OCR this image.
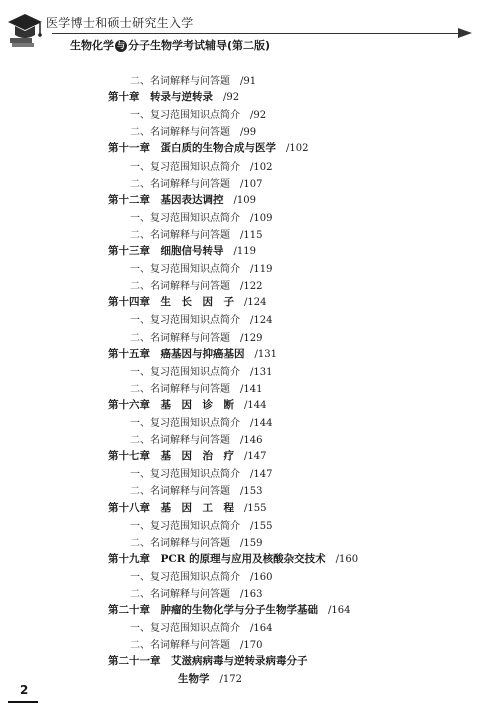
医学博士和硕士研究生入学
生物化学 与 分子生物学考试辅导(第二版)
二、名词解释与问答题 /91
第十章　转录与逆转录 /92
一、复习范围知识点简介 /92
二、名词解释与问答题 /99
第十一章　蛋白质的生物合成与医学 /102
一、复习范围知识点简介 /102
二、名词解释与问答题 /107
第十二章　基因表达调控 /109
一、复习范围知识点简介 /109
二、名词解释与问答题 /115
第十三章　细胞信号转导 /119
一、复习范围知识点简介 /119
二、名词解释与问答题 /122
第十四章　生　长　因　子 /124
一、复习范围知识点简介 /124
二、名词解释与问答题 /129
第十五章　癌基因与抑癌基因 /131
一、复习范围知识点简介 /131
二、名词解释与问答题 /141
第十六章　基　因　诊　断 /144
一、复习范围知识点简介 /144
二、名词解释与问答题 /146
第十七章　基　因　治　疗 /147
一、复习范围知识点简介 /147
二、名词解释与问答题 /153
第十八章　基　因　工　程 /155
一、复习范围知识点简介 /155
二、名词解释与问答题 /159
第十九章　PCR 的原理与应用及核酸杂交技术 /160
一、复习范围知识点简介 /160
二、名词解释与问答题 /163
第二十章　肿瘤的生物化学与分子生物学基础 /164
一、复习范围知识点简介 /164
二、名词解释与问答题 /170
第二十一章　艾滋病病毒与逆转录病毒分子
生物学 /172
2
